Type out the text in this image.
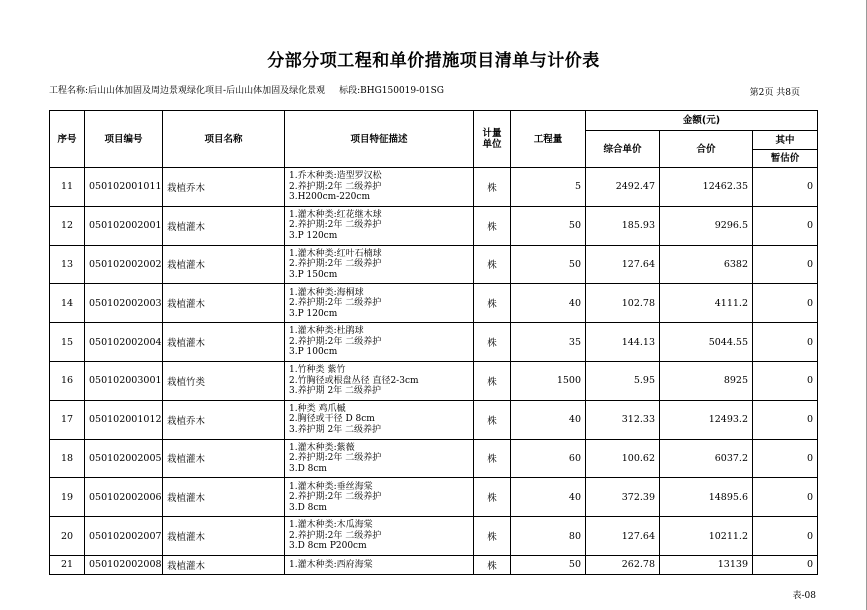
分部分项工程和单价措施项目清单与计价表
工程名称:后山山体加固及周边景观绿化项目-后山山体加固及绿化景观 标段:BHG150019-01SG	第2页 共8页
序号	项目编号	项目名称	项目特征描述	计量
单位	工程量	金额(元)		
						综合单价	合价	其中
								暂估价
11	050102001011	栽植乔木	1.乔木种类:造型罗汉松
2.养护期:2年 二级养护
3.H200cm-220cm	株	5	2492.47	12462.35	0
12	050102002001	栽植灌木	1.灌木种类:红花继木球
2.养护期:2年 二级养护
3.P 120cm	株	50	185.93	9296.5	0
13	050102002002	栽植灌木	1.灌木种类:红叶石楠球
2.养护期:2年 二级养护
3.P 150cm	株	50	127.64	6382	0
14	050102002003	栽植灌木	1.灌木种类:海桐球
2.养护期:2年 二级养护
3.P 120cm	株	40	102.78	4111.2	0
15	050102002004	栽植灌木	1.灌木种类:杜鹃球
2.养护期:2年 二级养护
3.P 100cm	株	35	144.13	5044.55	0
16	050102003001	栽植竹类	1.竹种类 紫竹
2.竹胸径或根盘丛径 直径2-3cm
3.养护期 2年 二级养护	株	1500	5.95	8925	0
17	050102001012	栽植乔木	1.种类 鸡爪槭
2.胸径或干径 D 8cm
3.养护期 2年 二级养护	株	40	312.33	12493.2	0
18	050102002005	栽植灌木	1.灌木种类:紫薇
2.养护期:2年 二级养护
3.D 8cm	株	60	100.62	6037.2	0
19	050102002006	栽植灌木	1.灌木种类:垂丝海棠
2.养护期:2年 二级养护
3.D 8cm	株	40	372.39	14895.6	0
20	050102002007	栽植灌木	1.灌木种类:木瓜海棠
2.养护期:2年 二级养护
3.D 8cm P200cm	株	80	127.64	10211.2	0
21	050102002008	栽植灌木	1.灌木种类:西府海棠	株	50	262.78	13139	0
表-08
